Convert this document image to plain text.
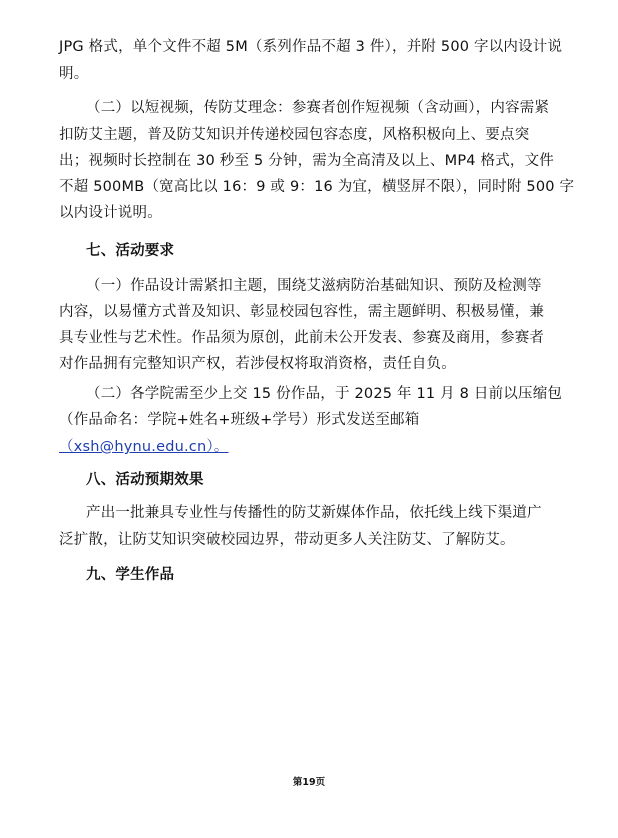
JPG 格式，单个文件不超 5M（系列作品不超 3 件），并附 500 字以内设计说
明。
（二）以短视频，传防艾理念：参赛者创作短视频（含动画），内容需紧
扣防艾主题，普及防艾知识并传递校园包容态度，风格积极向上、要点突
出；视频时长控制在 30 秒至 5 分钟，需为全高清及以上、MP4 格式，文件
不超 500MB（宽高比以 16：9 或 9：16 为宜，横竖屏不限），同时附 500 字
以内设计说明。
七、活动要求
（一）作品设计需紧扣主题，围绕艾滋病防治基础知识、预防及检测等
内容，以易懂方式普及知识、彰显校园包容性，需主题鲜明、积极易懂，兼
具专业性与艺术性。作品须为原创，此前未公开发表、参赛及商用，参赛者
对作品拥有完整知识产权，若涉侵权将取消资格，责任自负。
（二）各学院需至少上交 15 份作品，于 2025 年 11 月 8 日前以压缩包
（作品命名：学院+姓名+班级+学号）形式发送至邮箱
（xsh@hynu.edu.cn）。
八、活动预期效果
产出一批兼具专业性与传播性的防艾新媒体作品，依托线上线下渠道广
泛扩散，让防艾知识突破校园边界，带动更多人关注防艾、了解防艾。
九、学生作品
第19页
